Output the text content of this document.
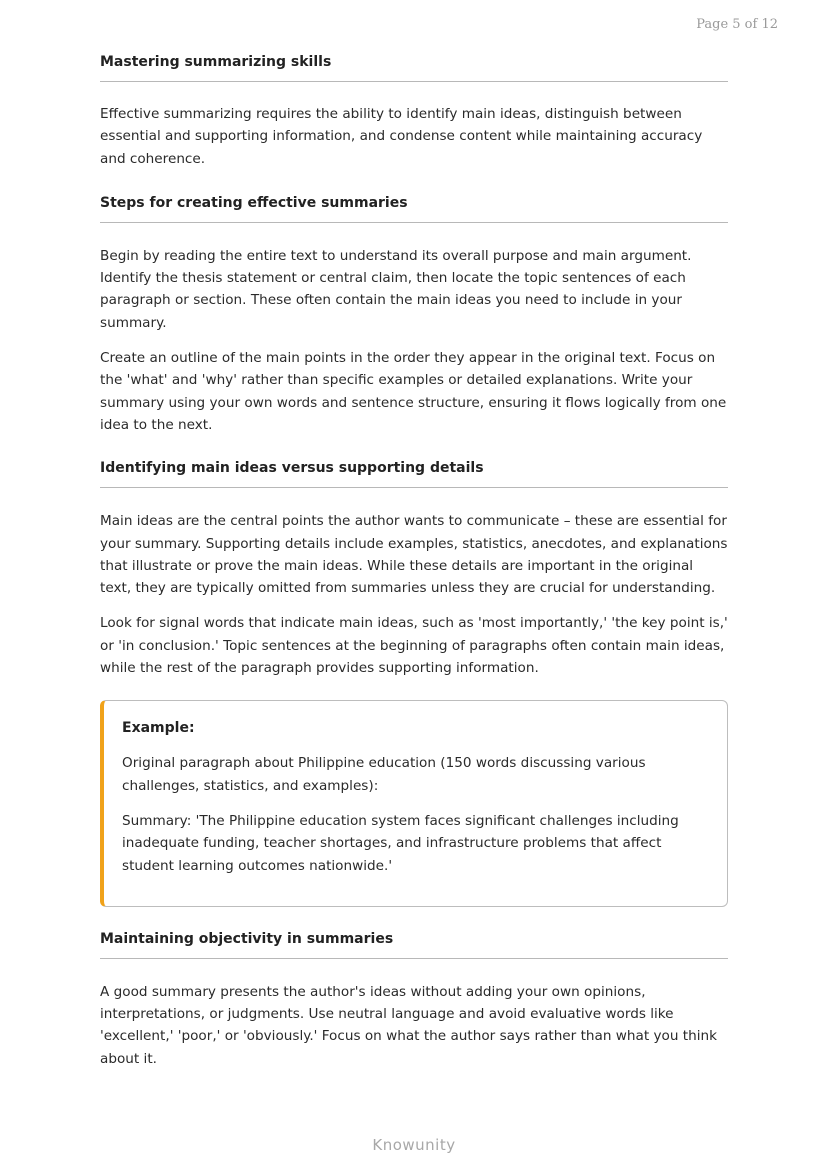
Page 5 of 12
Mastering summarizing skills

Effective summarizing requires the ability to identify main ideas, distinguish between essential and supporting information, and condense content while maintaining accuracy and coherence.

Steps for creating effective summaries

Begin by reading the entire text to understand its overall purpose and main argument. Identify the thesis statement or central claim, then locate the topic sentences of each paragraph or section. These often contain the main ideas you need to include in your summary.

Create an outline of the main points in the order they appear in the original text. Focus on the 'what' and 'why' rather than specific examples or detailed explanations. Write your summary using your own words and sentence structure, ensuring it flows logically from one idea to the next.

Identifying main ideas versus supporting details

Main ideas are the central points the author wants to communicate – these are essential for your summary. Supporting details include examples, statistics, anecdotes, and explanations that illustrate or prove the main ideas. While these details are important in the original text, they are typically omitted from summaries unless they are crucial for understanding.

Look for signal words that indicate main ideas, such as 'most importantly,' 'the key point is,' or 'in conclusion.' Topic sentences at the beginning of paragraphs often contain main ideas, while the rest of the paragraph provides supporting information.

Example:

Original paragraph about Philippine education (150 words discussing various challenges, statistics, and examples):

Summary: 'The Philippine education system faces significant challenges including inadequate funding, teacher shortages, and infrastructure problems that affect student learning outcomes nationwide.'

Maintaining objectivity in summaries

A good summary presents the author's ideas without adding your own opinions, interpretations, or judgments. Use neutral language and avoid evaluative words like 'excellent,' 'poor,' or 'obviously.' Focus on what the author says rather than what you think about it.

Knowunity
